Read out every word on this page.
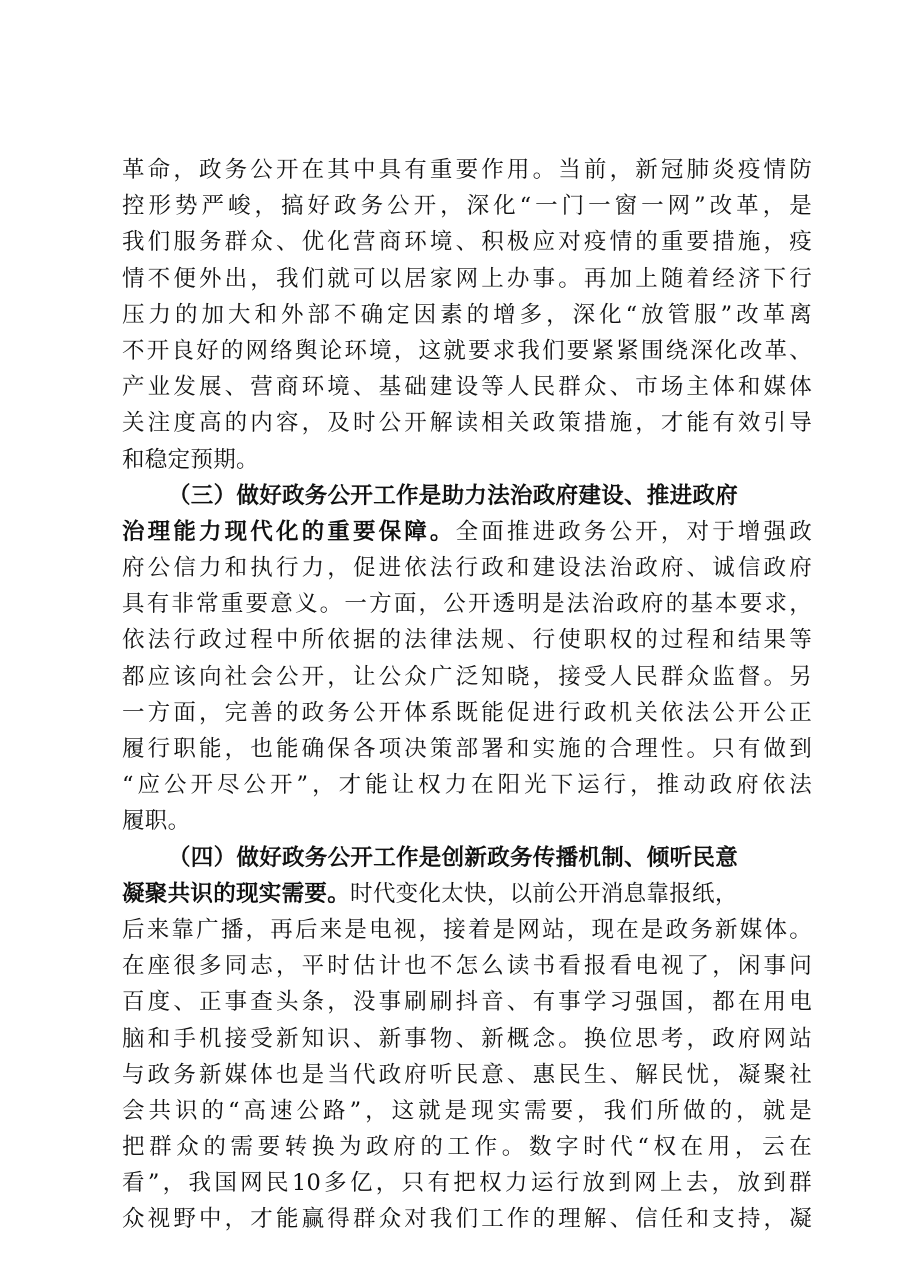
革命，政务公开在其中具有重要作用。当前，新冠肺炎疫情防
控形势严峻，搞好政务公开，深化“一门一窗一网”改革，是
我们服务群众、优化营商环境、积极应对疫情的重要措施，疫
情不便外出，我们就可以居家网上办事。再加上随着经济下行
压力的加大和外部不确定因素的增多，深化“放管服”改革离
不开良好的网络舆论环境，这就要求我们要紧紧围绕深化改革、
产业发展、营商环境、基础建设等人民群众、市场主体和媒体
关注度高的内容，及时公开解读相关政策措施，才能有效引导
和稳定预期。
（三）做好政务公开工作是助力法治政府建设、推进政府
治理能力现代化的重要保障。全面推进政务公开，对于增强政
府公信力和执行力，促进依法行政和建设法治政府、诚信政府
具有非常重要意义。一方面，公开透明是法治政府的基本要求，
依法行政过程中所依据的法律法规、行使职权的过程和结果等
都应该向社会公开，让公众广泛知晓，接受人民群众监督。另
一方面，完善的政务公开体系既能促进行政机关依法公开公正
履行职能，也能确保各项决策部署和实施的合理性。只有做到
“应公开尽公开”，才能让权力在阳光下运行，推动政府依法
履职。
（四）做好政务公开工作是创新政务传播机制、倾听民意
凝聚共识的现实需要。时代变化太快，以前公开消息靠报纸，
后来靠广播，再后来是电视，接着是网站，现在是政务新媒体。
在座很多同志，平时估计也不怎么读书看报看电视了，闲事问
百度、正事查头条，没事刷刷抖音、有事学习强国，都在用电
脑和手机接受新知识、新事物、新概念。换位思考，政府网站
与政务新媒体也是当代政府听民意、惠民生、解民忧，凝聚社
会共识的“高速公路”，这就是现实需要，我们所做的，就是
把群众的需要转换为政府的工作。数字时代“权在用，云在
看”，我国网民10多亿，只有把权力运行放到网上去，放到群
众视野中，才能赢得群众对我们工作的理解、信任和支持，凝
